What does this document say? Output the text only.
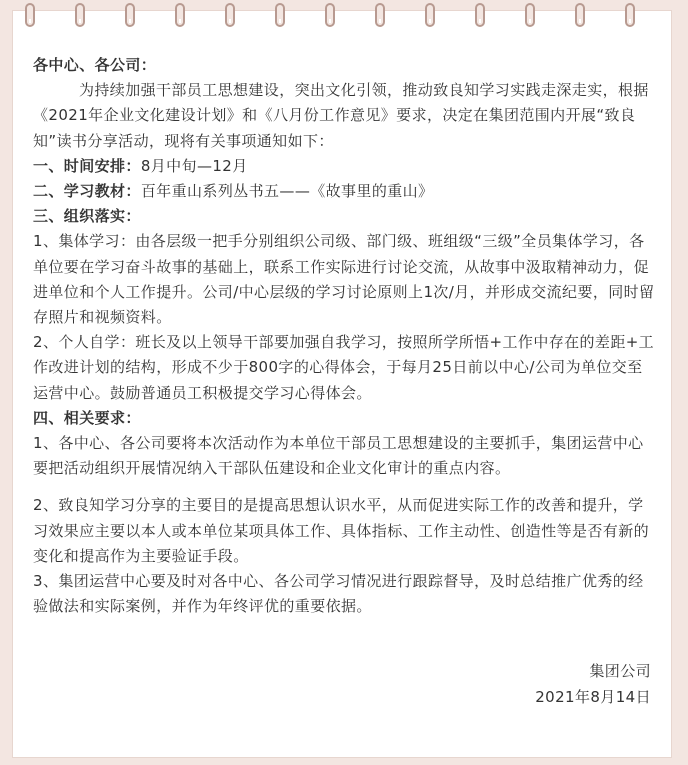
各中心、各公司：
为持续加强干部员工思想建设，突出文化引领，推动致良知学习实践走深走实，根据《2021年企业文化建设计划》和《八月份工作意见》要求，决定在集团范围内开展“致良知”读书分享活动，现将有关事项通知如下：
一、时间安排：8月中旬—12月
二、学习教材：百年重山系列丛书五——《故事里的重山》
三、组织落实：
1、集体学习：由各层级一把手分别组织公司级、部门级、班组级“三级”全员集体学习，各单位要在学习奋斗故事的基础上，联系工作实际进行讨论交流，从故事中汲取精神动力，促进单位和个人工作提升。公司/中心层级的学习讨论原则上1次/月，并形成交流纪要，同时留存照片和视频资料。
2、个人自学：班长及以上领导干部要加强自我学习，按照所学所悟+工作中存在的差距+工作改进计划的结构，形成不少于800字的心得体会，于每月25日前以中心/公司为单位交至运营中心。鼓励普通员工积极提交学习心得体会。
四、相关要求：
1、各中心、各公司要将本次活动作为本单位干部员工思想建设的主要抓手，集团运营中心要把活动组织开展情况纳入干部队伍建设和企业文化审计的重点内容。
2、致良知学习分享的主要目的是提高思想认识水平，从而促进实际工作的改善和提升，学习效果应主要以本人或本单位某项具体工作、具体指标、工作主动性、创造性等是否有新的变化和提高作为主要验证手段。
3、集团运营中心要及时对各中心、各公司学习情况进行跟踪督导，及时总结推广优秀的经验做法和实际案例，并作为年终评优的重要依据。
集团公司
2021年8月14日
